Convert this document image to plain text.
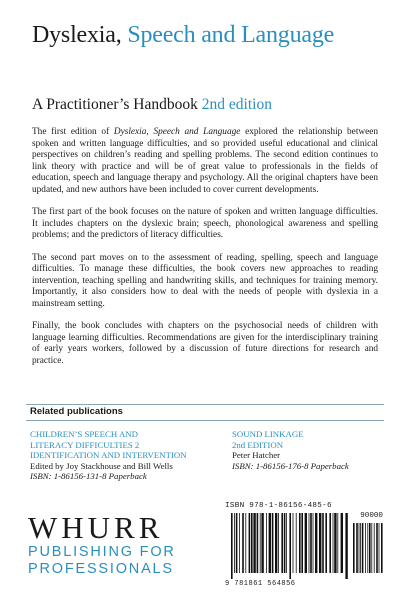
Dyslexia, Speech and Language
A Practitioner’s Handbook 2nd edition

The first edition of Dyslexia, Speech and Language explored the relationship between spoken and written language difficulties, and so provided useful educational and clinical perspectives on children’s reading and spelling problems. The second edition continues to link theory with practice and will be of great value to professionals in the fields of education, speech and language therapy and psychology. All the original chapters have been updated, and new authors have been included to cover current developments.

The first part of the book focuses on the nature of spoken and written language difficulties. It includes chapters on the dyslexic brain; speech, phonological awareness and spelling problems; and the predictors of literacy difficulties.

The second part moves on to the assessment of reading, spelling, speech and language difficulties. To manage these difficulties, the book covers new approaches to reading intervention, teaching spelling and handwriting skills, and techniques for training memory. Importantly, it also considers how to deal with the needs of people with dyslexia in a mainstream setting.

Finally, the book concludes with chapters on the psychosocial needs of children with language learning difficulties. Recommendations are given for the interdisciplinary training of early years workers, followed by a discussion of future directions for research and practice.

Related publications
CHILDREN’S SPEECH AND
LITERACY DIFFICULTIES 2
IDENTIFICATION AND INTERVENTION
Edited by Joy Stackhouse and Bill Wells
ISBN: 1-86156-131-8 Paperback
SOUND LINKAGE
2nd EDITION
Peter Hatcher
ISBN: 1-86156-176-8 Paperback
WHURR
PUBLISHING FOR
PROFESSIONALS
ISBN 978-1-86156-485-6
90000
9 781861 564856
